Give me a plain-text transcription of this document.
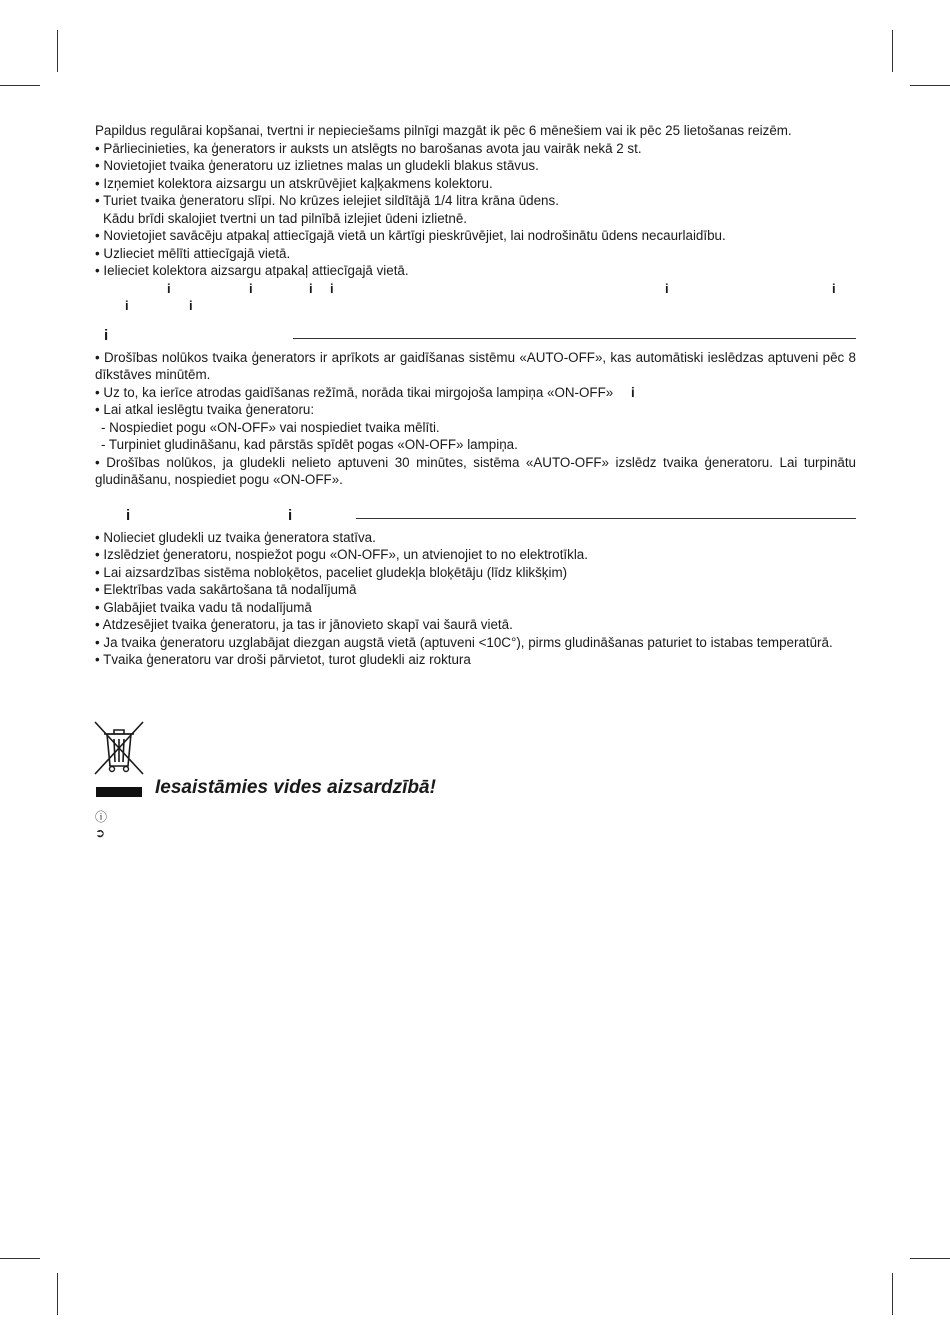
Papildus regulārai kopšanai, tvertni ir nepieciešams pilnīgi mazgāt ik pēc 6 mēnešiem vai ik pēc 25 lietošanas reizēm.
• Pārliecinieties, ka ģenerators ir auksts un atslēgts no barošanas avota jau vairāk nekā 2 st.
• Novietojiet tvaika ģeneratoru uz izlietnes malas un gludekli blakus stāvus.
• Izņemiet kolektora aizsargu un atskrūvējiet kaļķakmens kolektoru.
• Turiet tvaika ģeneratoru slīpi. No krūzes ielejiet sildītājā 1/4 litra krāna ūdens.
Kādu brīdi skalojiet tvertni un tad pilnībā izlejiet ūdeni izlietnē.
• Novietojiet savācēju atpakaļ attiecīgajā vietā un kārtīgi pieskrūvējiet, lai nodrošinātu ūdens necaurlaidību.
• Uzlieciet mēlīti attiecīgajā vietā.
• Ielieciet kolektora aizsargu atpakaļ attiecīgajā vietā.
i	i	i i	i	i
i	i
i
• Drošības nolūkos tvaika ģenerators ir aprīkots ar gaidīšanas sistēmu «AUTO-OFF», kas automātiski ieslēdzas aptuveni pēc 8 dīkstāves minūtēm.
• Uz to, ka ierīce atrodas gaidīšanas režīmā, norāda tikai mirgojoša lampiņa «ON-OFF» i
• Lai atkal ieslēgtu tvaika ģeneratoru:
- Nospiediet pogu «ON-OFF» vai nospiediet tvaika mēlīti.
- Turpiniet gludināšanu, kad pārstās spīdēt pogas «ON-OFF» lampiņa.
• Drošības nolūkos, ja gludekli nelieto aptuveni 30 minūtes, sistēma «AUTO-OFF» izslēdz tvaika ģeneratoru. Lai turpinātu gludināšanu, nospiediet pogu «ON-OFF».
i	i
• Nolieciet gludekli uz tvaika ģeneratora statīva.
• Izslēdziet ģeneratoru, nospiežot pogu «ON-OFF», un atvienojiet to no elektrotīkla.
• Lai aizsardzības sistēma nobloķētos, paceliet gludekļa bloķētāju (līdz klikšķim)
• Elektrības vada sakārtošana tā nodalījumā
• Glabājiet tvaika vadu tā nodalījumā
• Atdzesējiet tvaika ģeneratoru, ja tas ir jānovieto skapī vai šaurā vietā.
• Ja tvaika ģeneratoru uzglabājat diezgan augstā vietā (aptuveni <10C°), pirms gludināšanas paturiet to istabas temperatūrā.
• Tvaika ģeneratoru var droši pārvietot, turot gludekli aiz roktura
Iesaistāmies vides aizsardzībā!
ⓘ
➲
